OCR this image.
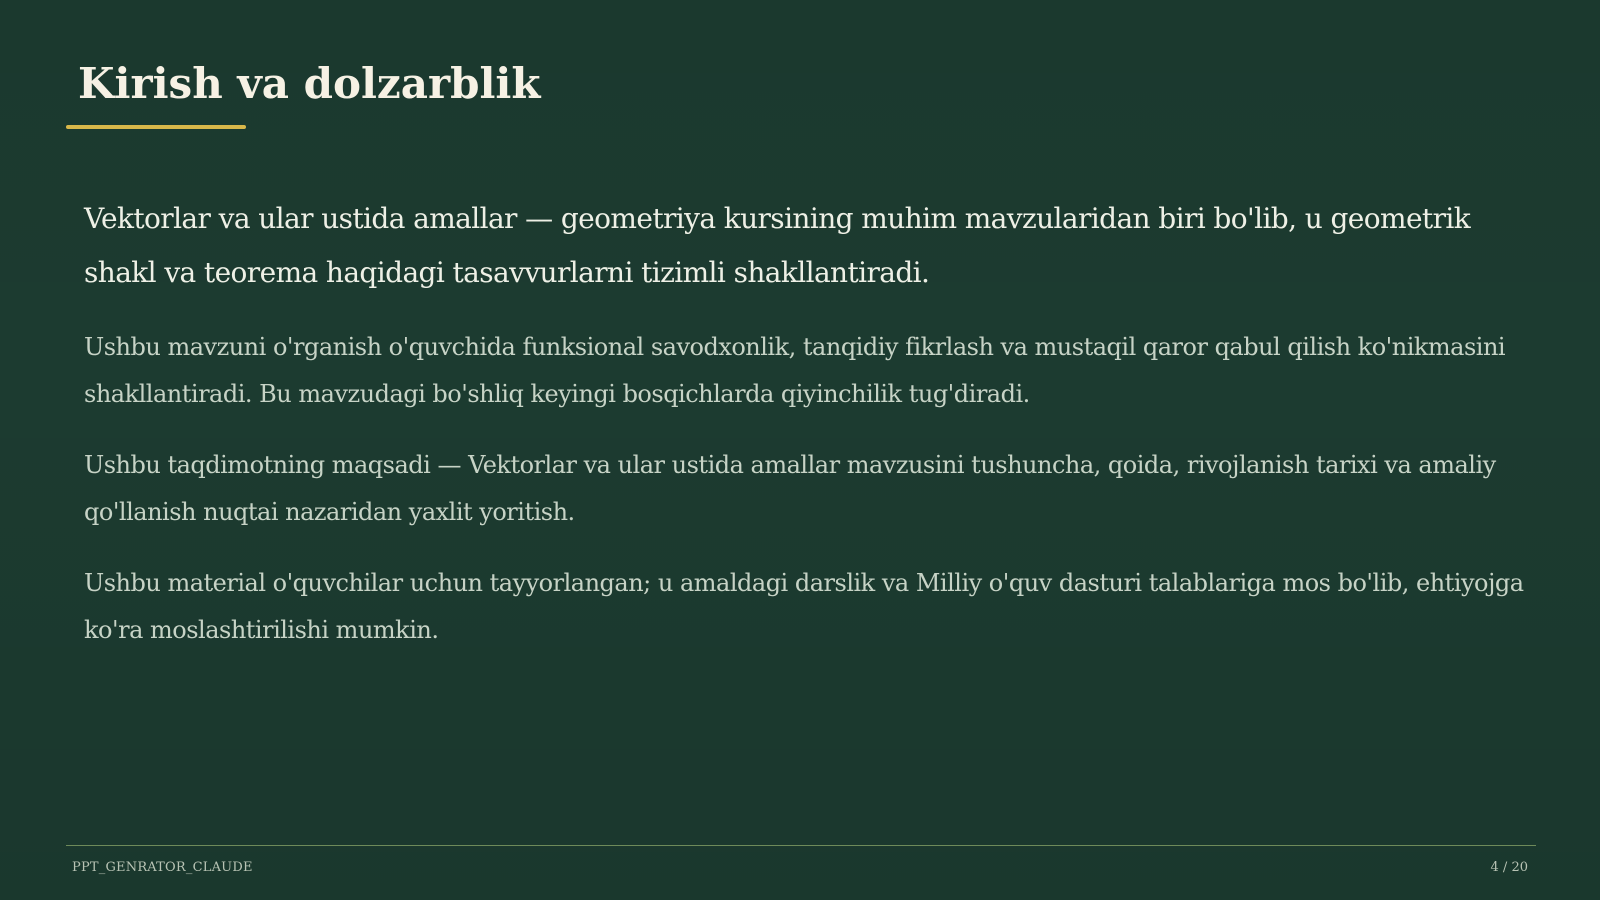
Kirish va dolzarblik

Vektorlar va ular ustida amallar — geometriya kursining muhim mavzularidan biri bo'lib, u geometrik shakl va teorema haqidagi tasavvurlarni tizimli shakllantiradi.

Ushbu mavzuni o'rganish o'quvchida funksional savodxonlik, tanqidiy fikrlash va mustaqil qaror qabul qilish ko'nikmasini shakllantiradi. Bu mavzudagi bo'shliq keyingi bosqichlarda qiyinchilik tug'diradi.

Ushbu taqdimotning maqsadi — Vektorlar va ular ustida amallar mavzusini tushuncha, qoida, rivojlanish tarixi va amaliy qo'llanish nuqtai nazaridan yaxlit yoritish.

Ushbu material o'quvchilar uchun tayyorlangan; u amaldagi darslik va Milliy o'quv dasturi talablariga mos bo'lib, ehtiyojga ko'ra moslashtirilishi mumkin.

PPT_GENRATOR_CLAUDE	4 / 20
